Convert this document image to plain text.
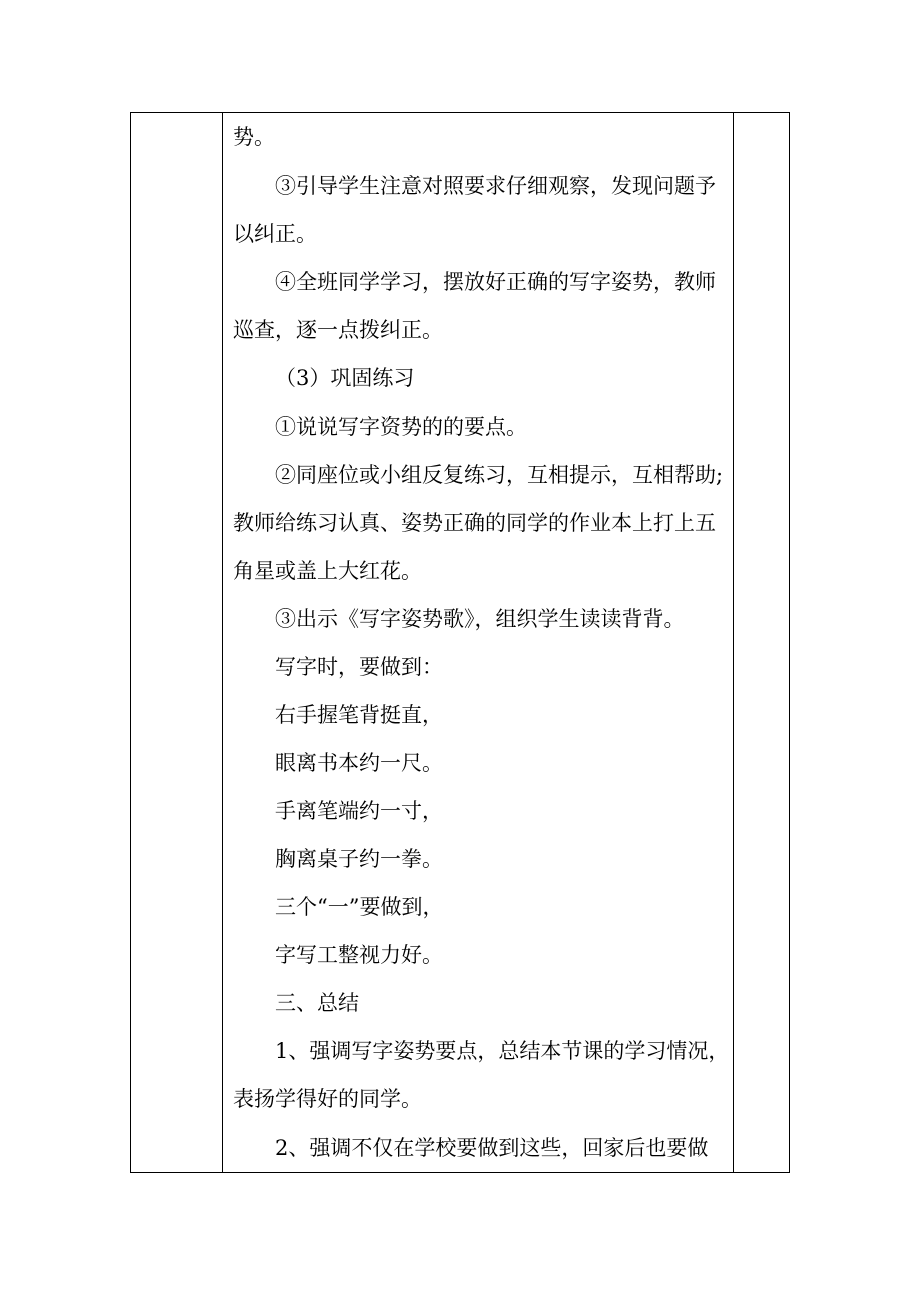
势。
③引导学生注意对照要求仔细观察，发现问题予
以纠正。
④全班同学学习，摆放好正确的写字姿势，教师
巡查，逐一点拨纠正。
（3）巩固练习
①说说写字资势的的要点。
②同座位或小组反复练习，互相提示，互相帮助;
教师给练习认真、姿势正确的同学的作业本上打上五
角星或盖上大红花。
③出示《写字姿势歌》，组织学生读读背背。
写字时，要做到：
右手握笔背挺直，
眼离书本约一尺。
手离笔端约一寸，
胸离桌子约一拳。
三个“一”要做到，
字写工整视力好。
三、总结
1、强调写字姿势要点，总结本节课的学习情况，
表扬学得好的同学。
2、强调不仅在学校要做到这些，回家后也要做
